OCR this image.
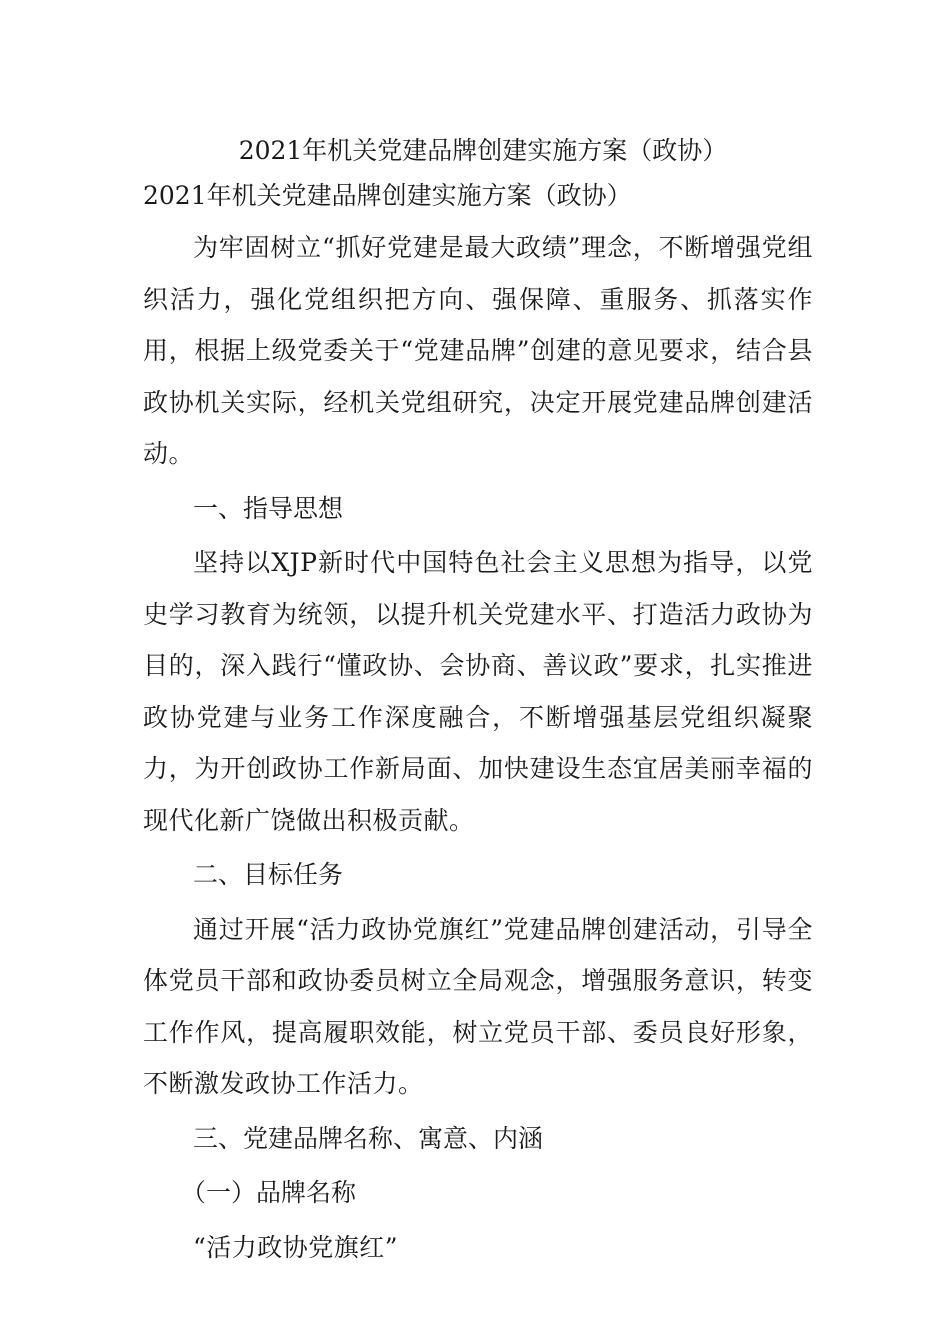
2021年机关党建品牌创建实施方案（政协）
2021年机关党建品牌创建实施方案（政协）

为牢固树立“抓好党建是最大政绩”理念，不断增强党组织活力，强化党组织把方向、强保障、重服务、抓落实作用，根据上级党委关于“党建品牌”创建的意见要求，结合县政协机关实际，经机关党组研究，决定开展党建品牌创建活动。

一、指导思想

坚持以XJP新时代中国特色社会主义思想为指导，以党史学习教育为统领，以提升机关党建水平、打造活力政协为目的，深入践行“懂政协、会协商、善议政”要求，扎实推进政协党建与业务工作深度融合，不断增强基层党组织凝聚力，为开创政协工作新局面、加快建设生态宜居美丽幸福的现代化新广饶做出积极贡献。

二、目标任务

通过开展“活力政协党旗红”党建品牌创建活动，引导全体党员干部和政协委员树立全局观念，增强服务意识，转变工作作风，提高履职效能，树立党员干部、委员良好形象，不断激发政协工作活力。

三、党建品牌名称、寓意、内涵
（一）品牌名称

“活力政协党旗红”
